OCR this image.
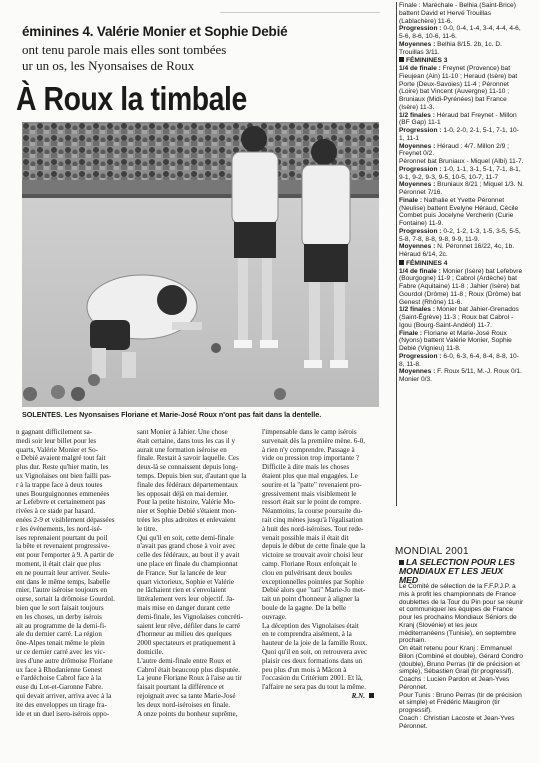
éminines 4. Valérie Monier et Sophie Debié
ont tenu parole mais elles sont tombées
ur un os, les Nyonsaises de Roux
À Roux la timbale
SOLENTES. Les Nyonsaises Floriane et Marie-José Roux n'ont pas fait dans la dentelle.

n gagnant difficilement sa-

medi soir leur billet pour les

quarts, Valérie Monier et So-

e Debié avaient malgré tout fait

plus dur. Reste qu'hier matin, les

ux Vignolaises ont bien failli pas-

r à la trappe face à deux toutes

unes Bourguignonnes emmenées

ar Lefebvre et certainement pas

rivées à ce stade par hasard.

enées 2-9 et visiblement dépassées

r les événements, les nord-isé-

ises reprenaient pourtant du poil

la bête et revenaient progressive-

ent pour l'emporter à 9. A partir de

moment, il était clair que plus

en ne pourrait leur arriver. Seule-

ent dans le même temps, Isabelle

rnier, l'autre iséroise toujours en

ourse, sortait la drômoise Gourdol.

bien que le sort faisait toujours

en les choses, un derby isérois

ait au programme de la demi-fi-

ale du dernier carré. La région

ône-Alpes tenait même le plein

ur ce dernier carré avec les vic-

ires d'une autre drômoise Floriane

ux face à Rhodanienne Genest

e l'ardéchoise Cabrol face à la

euse du Lot-et-Garonne Fabre.

qui devait arriver, arriva avec à la

ite des enveloppes un tirage fra-

ide et un duel isero-isérois oppo-

sant Monier à Jahier. Une chose

était certaine, dans tous les cas il y

aurait une formation iséroise en

finale. Restait à savoir laquelle. Ces

deux-là se connaissent depuis long-

temps. Depuis bien sur, d'autant que la

finale des fédéraux départementaux

les opposait déjà en mai dernier.

Pour la petite histoire, Valérie Mo-

nier et Sophie Debié s'étaient mon-

trées les plus adroites et enlevaient

le titre.

Qui qu'il en soit, cette demi-finale

n'avait pas grand chose à voir avec

celle des fédéraux, au bout il y avait

une place en finale du championnat

de France. Sur la lancée de leur

quart victorieux, Sophie et Valérie

ne lâchaient rien et s'envolaient

littéralement vers leur objectif. Ja-

mais mise en danger durant cette

demi-finale, les Vignolaises concréti-

saient leur rêve, défiler dans le carré

d'honneur au milieu des quelques

2000 spectateurs et pratiquement à

domicile.

L'autre demi-finale entre Roux et

Cabrol était beaucoup plus disputée.

La jeune Floriane Roux à l'aise au tir

faisait pourtant la différence et

rejoignait avec sa tante Marie-José

les deux nord-iséroises en finale.

A onze points du bonheur suprême,

l'impensable dans le camp isérois

survenait dès la première mène. 6-0,

à rien n'y comprendre. Passage à

vide ou pression trop importante ?

Difficile à dire mais les choses

étaient plus que mal engagées. Le

sourire et la "patte" revenaient pro-

gressivement mais visiblement le

ressort était sur le point de rompre.

Néanmoins, la course poursuite du-

rait cinq mènes jusqu'à l'égalisation

à huit des nord-iséroises. Tout rede-

venait possible mais il était dit

depuis le début de cette finale que la

victoire se trouvait avoir choisi leur

camp. Floriane Roux enfonçait le

clou en pulvérisant deux boules

exceptionnelles pointées par Sophie

Debié alors que "tati" Marie-Jo met-

tait un point d'honneur à aligner la

boule de la gagne. De la belle

ouvrage.

La déception des Vignolaises était

en te comprendra aisément, à la

hauteur de la joie de la famille Roux.

Quoi qu'il en soit, on retrouvera avec

plaisir ces deux formations dans un

peu plus d'un mois à Mâcon à

l'occasion du Critérium 2001. Et là,

l'affaire ne sera pas du tout la même.

R.N.

Finale : Maréchale - Belhia (Saint-Brice) battent David et Hervé Trouillas (Lablachère) 11-6.

Progression : 0-0, 0-4, 1-4, 3-4, 4-4, 4-6, 5-6, 8-6, 10-6, 11-6.

Moyennes : Belhia 8/15. 2b, 1c. D. Trouillas 3/11.

FÉMININES 3

1/4 de finale : Freynet (Provence) bat Fieujean (Ain) 11-10 ; Heraud (Isère) bat Porte (Deux-Savoies) 11-4 ; Péronnet (Loire) bat Vincent (Auvergne) 11-10 ; Bruniaux (Midi-Pyrénées) bat France (Isère) 11-3.

1/2 finales : Héraud bat Freynet - Millon (BF Gap) 11-1

Progression : 1-0, 2-0, 2-1, 5-1, 7-1, 10-1, 11-1

Moyennes : Héraud : 4/7. Millon 2/9 ; Freynet 0/2.

Péronnet bat Bruniaux - Miquel (Albi) 11-7.

Progression : 1-0, 1-1, 3-1, 5-1, 7-1, 8-1, 9-1, 9-2, 9-3, 9-5, 10-5, 10-7, 11-7

Moyennes : Bruniaux 8/21 ; Miquel 1/3. N. Péronnet 7/16.

Finale : Nathalie et Yvette Péronnet (Neulise) battent Evelyne Héraud, Cécile Combet puis Jocelyne Vercherin (Curie Fontaine) 11-9.

Progression : 0-2, 1-2, 1-3, 1-5, 3-5, 5-5, 5-8, 7-8, 8-8, 9-8, 9-9, 11-9.

Moyennes : N. Péronnet 16/22, 4c, 1b. Héraud 6/14, 2c.

FÉMININES 4

1/4 de finale : Monier (Isère) bat Lefebvre (Bourgogne) 11-9 ; Cabrol (Ardèche) bat Fabre (Aquitaine) 11-8 ; Jahier (Isère) bat Gourdol (Drôme) 11-8 ; Roux (Drôme) bat Genest (Rhône) 11-6.

1/2 finales : Monier bat Jahier-Grenados (Saint-Égrève) 11-3 ; Roux bat Cabrol -Igou (Bourg-Saint-Andéol) 11-7.

Finale : Floriane et Marie-José Roux (Nyons) battent Valérie Monier, Sophie Debié (Vignieu) 11-8.

Progression : 6-0, 6-3, 6-4, 8-4, 8-8, 10-8, 11-8.

Moyennes : F. Roux 5/11, M.-J. Roux 0/1. Monier 0/3.

MONDIAL 2001
LA SELECTION POUR LES MONDIAUX ET LES JEUX MED

Le Comité de sélection de la F.F.P.J.P. a mis à profit les championnats de France doublettes de la Tour du Pin pour se réunir et communiquer les équipes de France pour les prochains Mondiaux Séniors de Kranj (Slovénie) et les jeux méditerranéens (Tunisie), en septembre prochain.

On était retenu pour Kranj : Emmanuel Bilon (Combiné et double), Gérard Condro (double), Bruno Perras (tir de précision et simple), Sébastien Grail (tir progressif).

Coachs : Lucien Pardon et Jean-Yves Péronnet.

Pour Tunis : Bruno Perras (tir de précision et simple) et Frédéric Maugiron (tir progressif).

Coach : Christian Lacoste et Jean-Yves Péronnet.
